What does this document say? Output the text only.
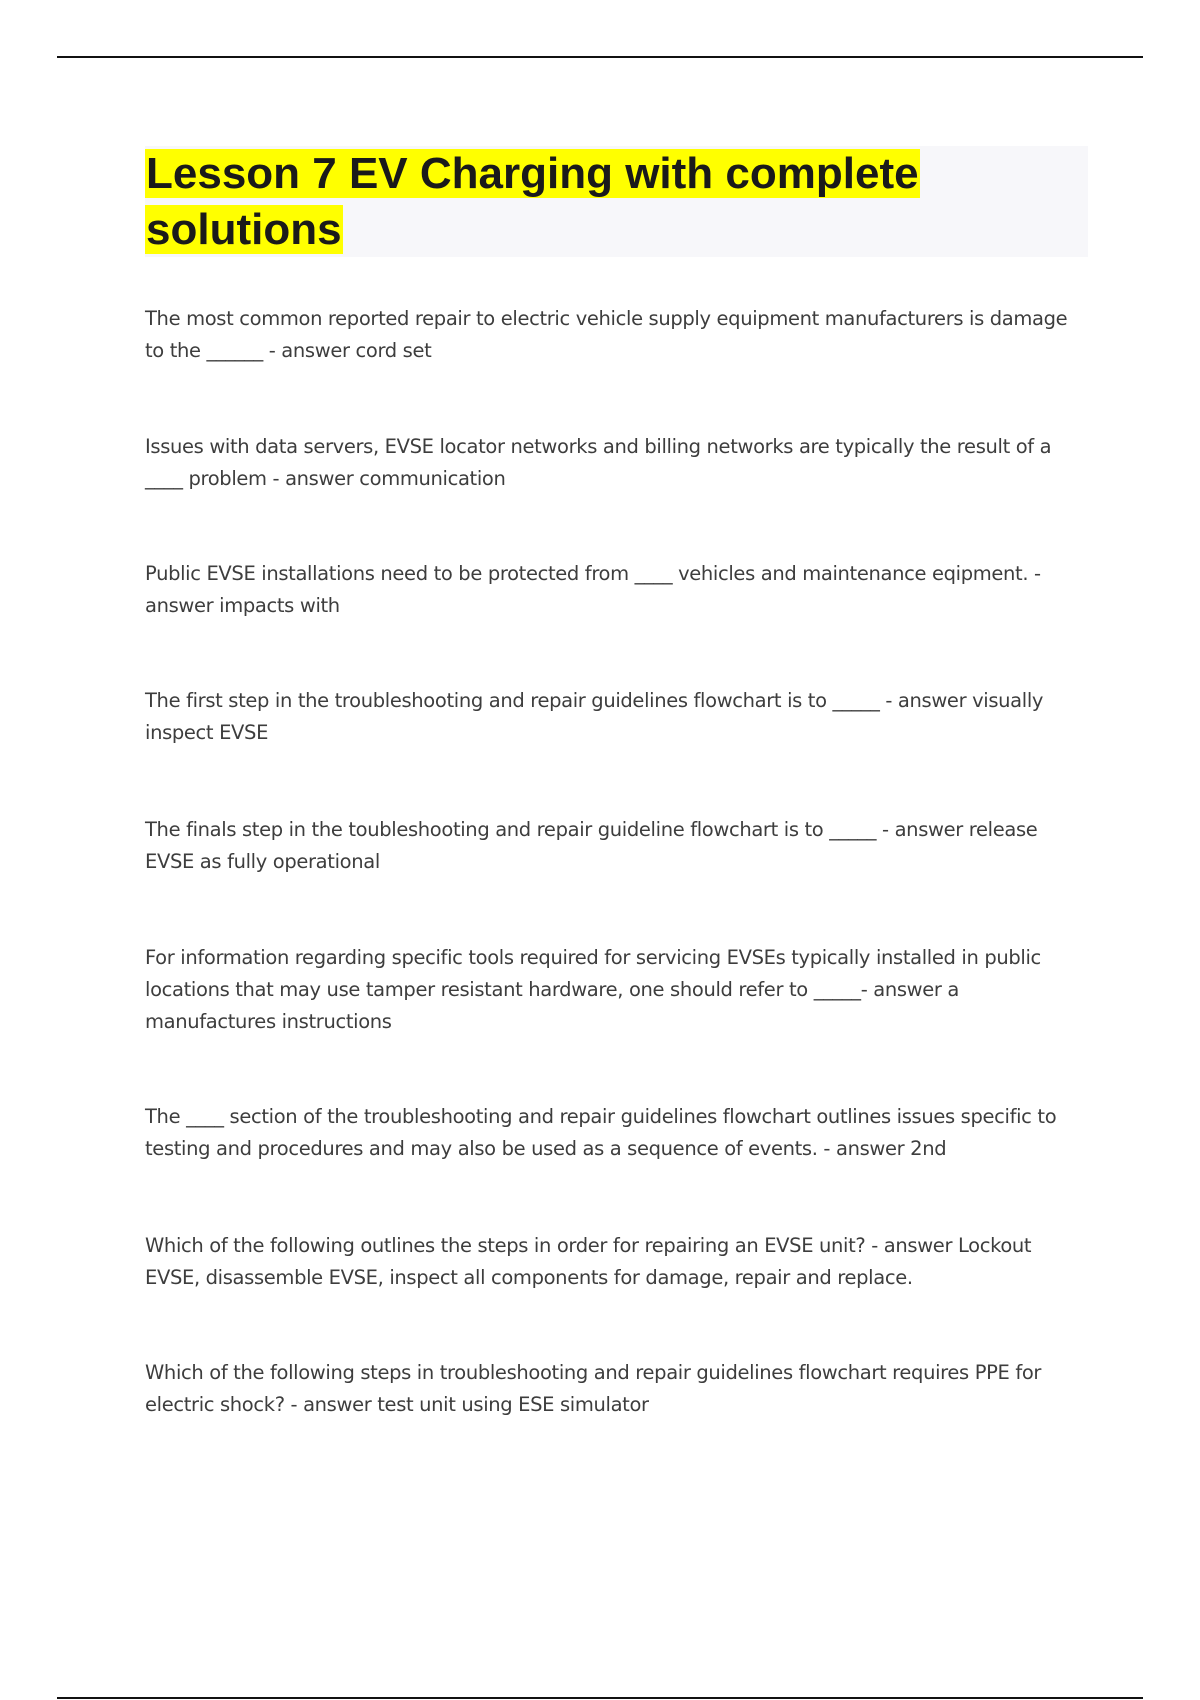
Lesson 7 EV Charging with complete solutions

The most common reported repair to electric vehicle supply equipment manufacturers is damage to the ______ - answer cord set

Issues with data servers, EVSE locator networks and billing networks are typically the result of a ____ problem - answer communication

Public EVSE installations need to be protected from ____ vehicles and maintenance eqipment. - answer impacts with

The first step in the troubleshooting and repair guidelines flowchart is to _____ - answer visually inspect EVSE

The finals step in the toubleshooting and repair guideline flowchart is to _____ - answer release EVSE as fully operational

For information regarding specific tools required for servicing EVSEs typically installed in public locations that may use tamper resistant hardware, one should refer to _____- answer a manufactures instructions

The ____ section of the troubleshooting and repair guidelines flowchart outlines issues specific to testing and procedures and may also be used as a sequence of events. - answer 2nd

Which of the following outlines the steps in order for repairing an EVSE unit? - answer Lockout EVSE, disassemble EVSE, inspect all components for damage, repair and replace.

Which of the following steps in troubleshooting and repair guidelines flowchart requires PPE for electric shock? - answer test unit using ESE simulator
